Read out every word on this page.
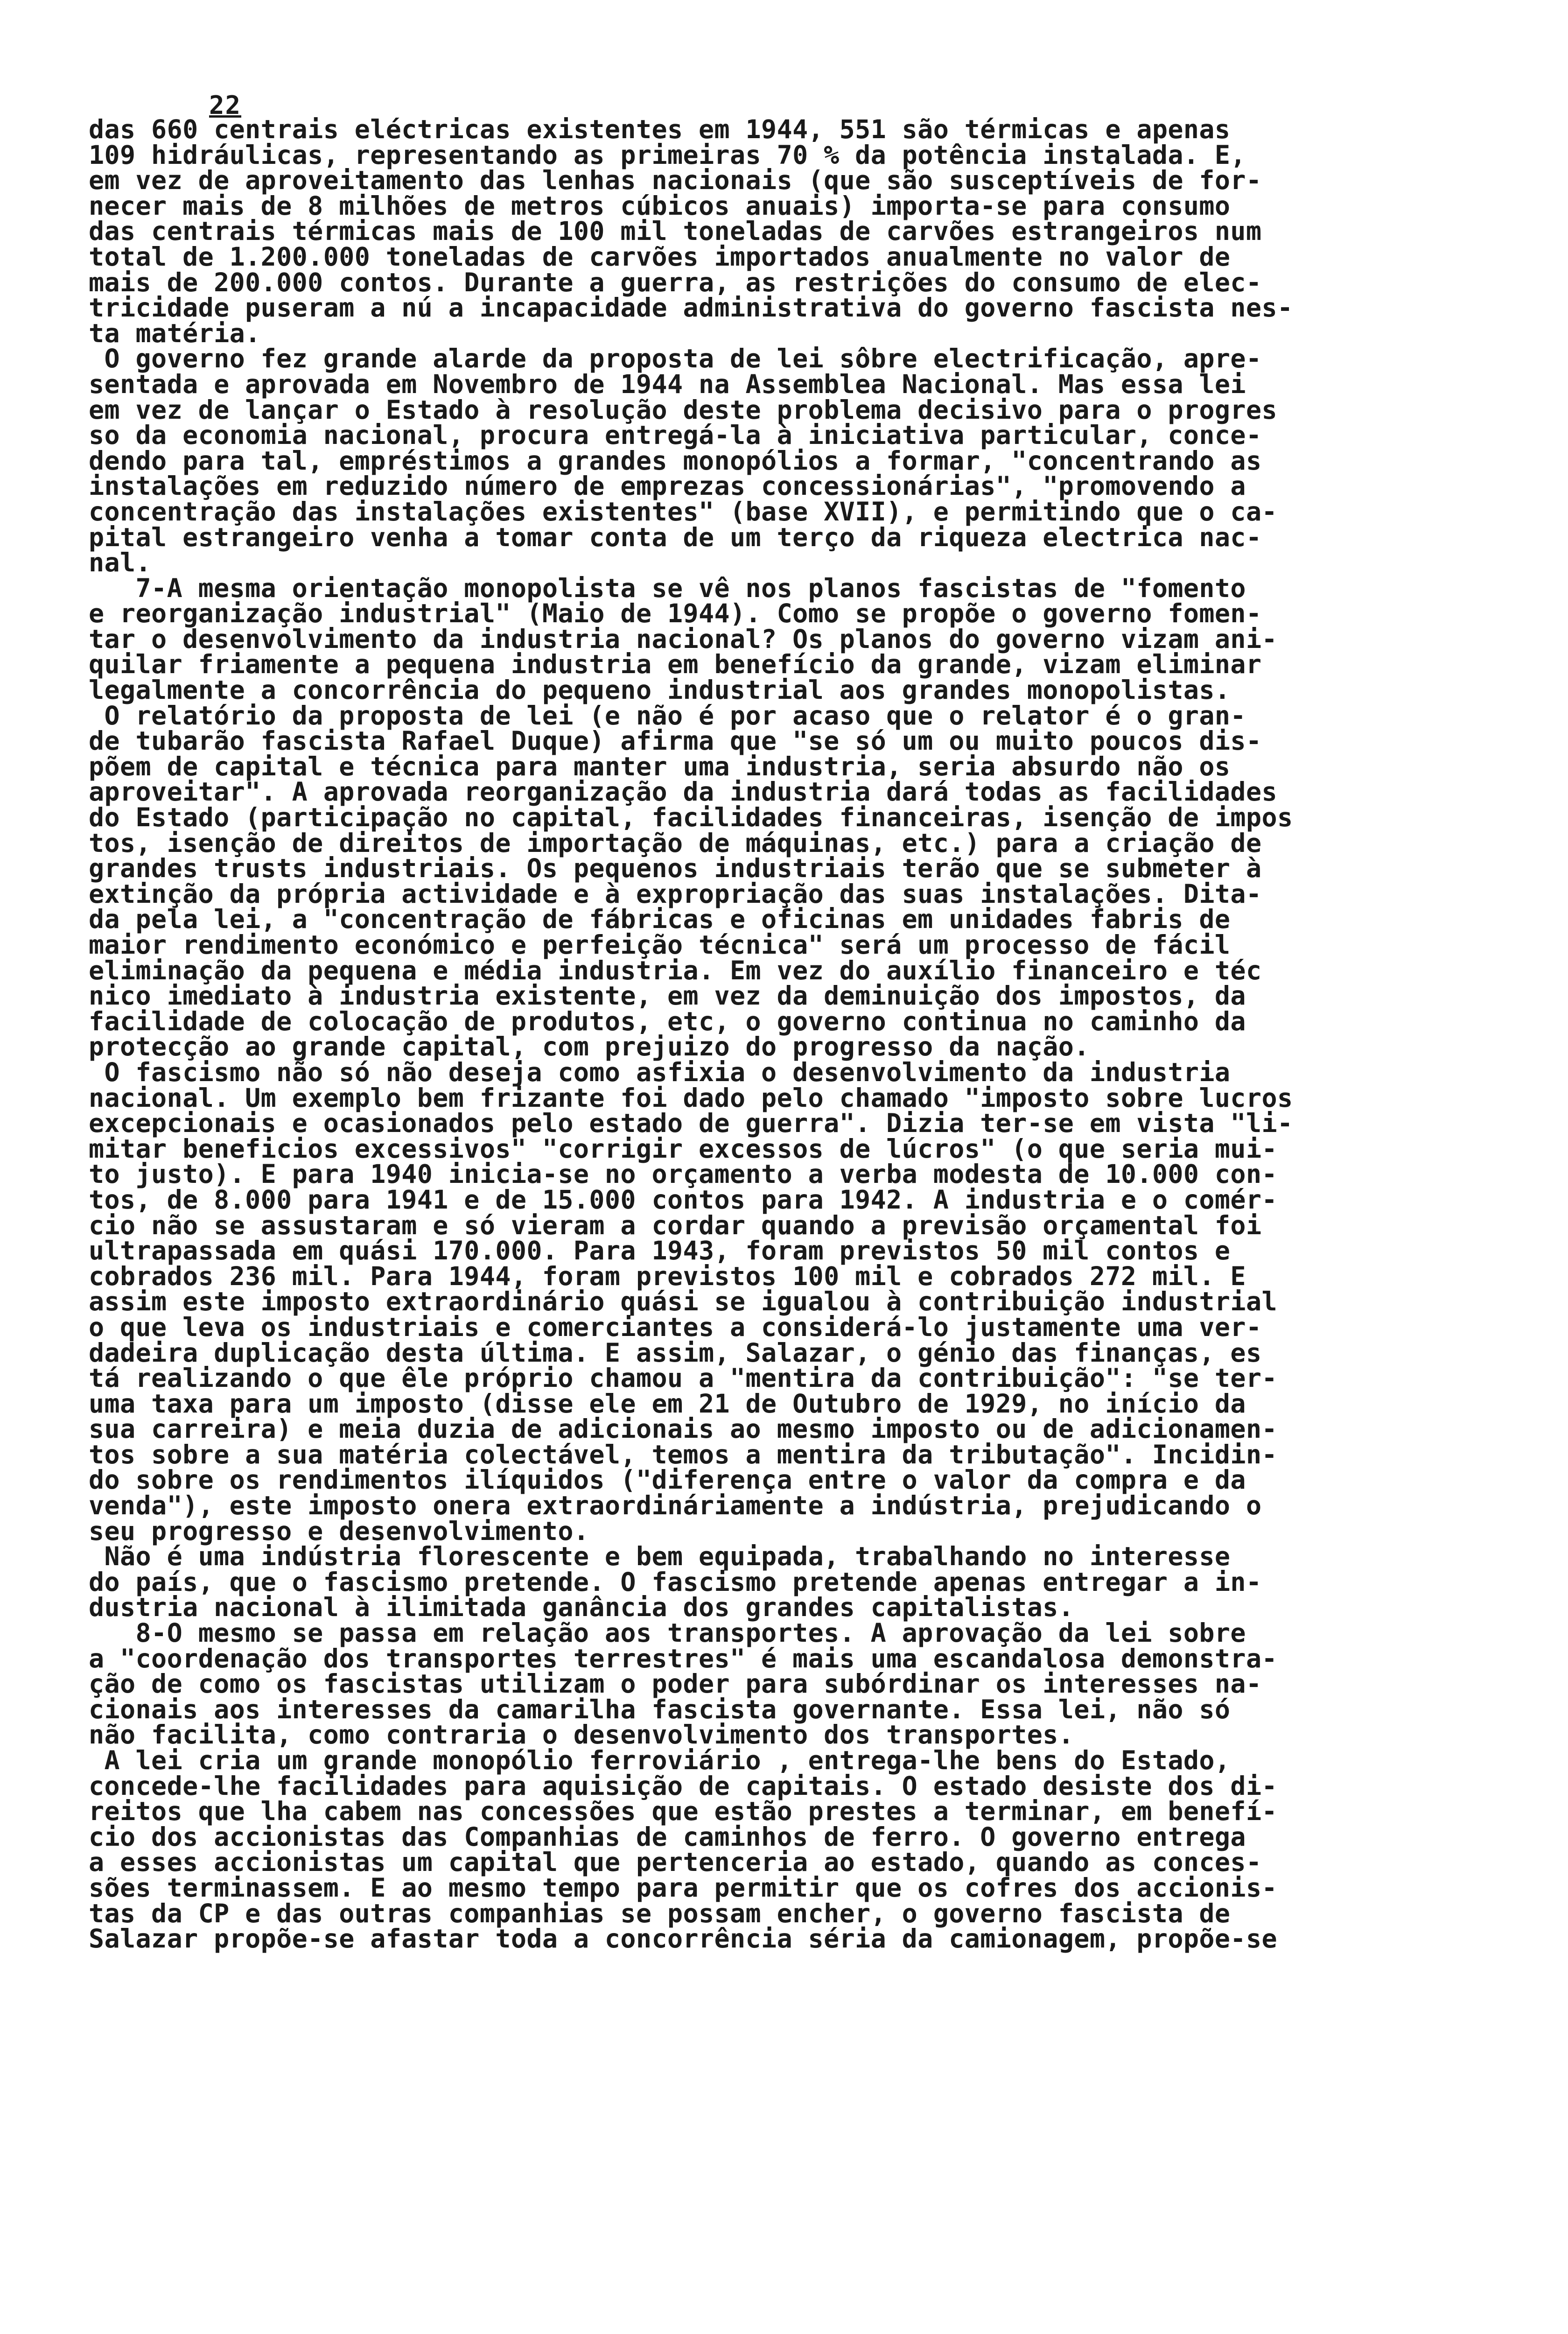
22
das 660 centrais eléctricas existentes em 1944, 551 são térmicas e apenas
109 hidráulicas, representando as primeiras 70 % da potência instalada. E,
em vez de aproveitamento das lenhas nacionais (que são susceptíveis de for-
necer mais de 8 milhões de metros cúbicos anuais) importa-se para consumo
das centrais térmicas mais de 100 mil toneladas de carvões estrangeiros num
total de 1.200.000 toneladas de carvões importados anualmente no valor de
mais de 200.000 contos. Durante a guerra, as restrições do consumo de elec-
tricidade puseram a nú a incapacidade administrativa do governo fascista nes-
ta matéria.
O governo fez grande alarde da proposta de lei sôbre electrificação, apre-
sentada e aprovada em Novembro de 1944 na Assemblea Nacional. Mas essa lei
em vez de lançar o Estado à resolução deste problema decisivo para o progres
so da economia nacional, procura entregá-la à iniciativa particular, conce-
dendo para tal, empréstimos a grandes monopólios a formar, "concentrando as
instalações em reduzido número de emprezas concessionárias", "promovendo a
concentração das instalações existentes" (base XVII), e permitindo que o ca-
pital estrangeiro venha a tomar conta de um terço da riqueza electrica nac-
nal.
7-A mesma orientação monopolista se vê nos planos fascistas de "fomento
e reorganização industrial" (Maio de 1944). Como se propõe o governo fomen-
tar o desenvolvimento da industria nacional? Os planos do governo vizam ani-
quilar friamente a pequena industria em benefício da grande, vizam eliminar
legalmente a concorrência do pequeno industrial aos grandes monopolistas.
O relatório da proposta de lei (e não é por acaso que o relator é o gran-
de tubarão fascista Rafael Duque) afirma que "se só um ou muito poucos dis-
põem de capital e técnica para manter uma industria, seria absurdo não os
aproveitar". A aprovada reorganização da industria dará todas as facilidades
do Estado (participação no capital, facilidades financeiras, isenção de impos
tos, isenção de direitos de importação de máquinas, etc.) para a criação de
grandes trusts industriais. Os pequenos industriais terão que se submeter à
extinção da própria actividade e à expropriação das suas instalações. Dita-
da pela lei, a "concentração de fábricas e oficinas em unidades fabris de
maior rendimento económico e perfeição técnica" será um processo de fácil
eliminação da pequena e média industria. Em vez do auxílio financeiro e téc
nico imediato à industria existente, em vez da deminuição dos impostos, da
facilidade de colocação de produtos, etc, o governo continua no caminho da
protecção ao grande capital, com prejuizo do progresso da nação.
O fascismo não só não deseja como asfixia o desenvolvimento da industria
nacional. Um exemplo bem frizante foi dado pelo chamado "imposto sobre lucros
excepcionais e ocasionados pelo estado de guerra". Dizia ter-se em vista "li-
mitar beneficios excessivos" "corrigir excessos de lúcros" (o que seria mui-
to justo). E para 1940 inicia-se no orçamento a verba modesta de 10.000 con-
tos, de 8.000 para 1941 e de 15.000 contos para 1942. A industria e o comér-
cio não se assustaram e só vieram a cordar quando a previsão orçamental foi
ultrapassada em quási 170.000. Para 1943, foram previstos 50 mil contos e
cobrados 236 mil. Para 1944, foram previstos 100 mil e cobrados 272 mil. E
assim este imposto extraordinário quási se igualou à contribuição industrial
o que leva os industriais e comerciantes a considerá-lo justamente uma ver-
dadeira duplicação desta última. E assim, Salazar, o génio das finanças, es
tá realizando o que êle próprio chamou a "mentira da contribuição": "se ter-
uma taxa para um imposto (disse ele em 21 de Outubro de 1929, no início da
sua carreira) e meia duzia de adicionais ao mesmo imposto ou de adicionamen-
tos sobre a sua matéria colectável, temos a mentira da tributação". Incidin-
do sobre os rendimentos ilíquidos ("diferença entre o valor da compra e da
venda"), este imposto onera extraordináriamente a indústria, prejudicando o
seu progresso e desenvolvimento.
Não é uma indústria florescente e bem equipada, trabalhando no interesse
do país, que o fascismo pretende. O fascismo pretende apenas entregar a in-
dustria nacional à ilimitada ganância dos grandes capitalistas.
8-O mesmo se passa em relação aos transportes. A aprovação da lei sobre
a "coordenação dos transportes terrestres" é mais uma escandalosa demonstra-
ção de como os fascistas utilizam o poder para subórdinar os interesses na-
cionais aos interesses da camarilha fascista governante. Essa lei, não só
não facilita, como contraria o desenvolvimento dos transportes.
A lei cria um grande monopólio ferroviário , entrega-lhe bens do Estado,
concede-lhe facilidades para aquisição de capitais. O estado desiste dos di-
reitos que lha cabem nas concessões que estão prestes a terminar, em benefí-
cio dos accionistas das Companhias de caminhos de ferro. O governo entrega
a esses accionistas um capital que pertenceria ao estado, quando as conces-
sões terminassem. E ao mesmo tempo para permitir que os cofres dos accionis-
tas da CP e das outras companhias se possam encher, o governo fascista de
Salazar propõe-se afastar toda a concorrência séria da camionagem, propõe-se
